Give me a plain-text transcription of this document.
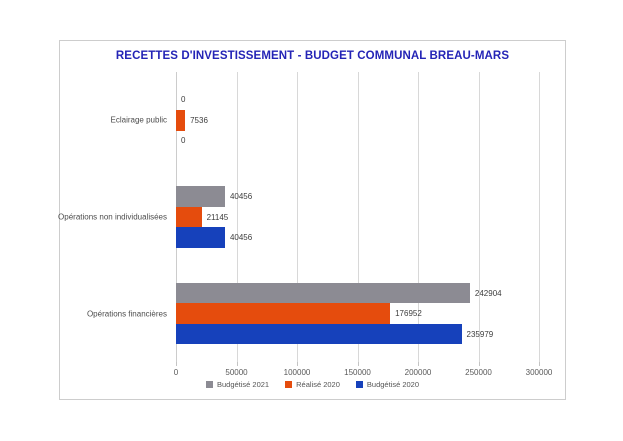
RECETTES D'INVESTISSEMENT - BUDGET COMMUNAL BREAU-MARS
0	50000	100000	150000	200000	250000	300000
0
7536
0
40456
21145
40456
242904
176952
235979
Budgétisé 2021	Réalisé 2020	Budgétisé 2020
Eclairage public
Opérations non individualisées
Opérations financières
